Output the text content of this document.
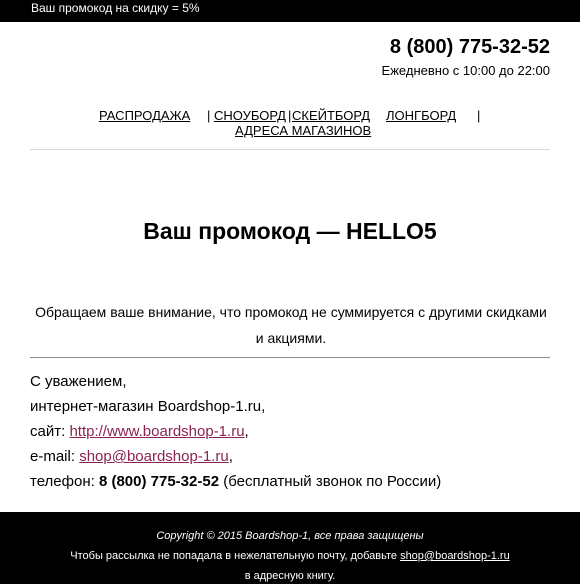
Ваш промокод на скидку = 5%
8 (800) 775-32-52
Ежедневно с 10:00 до 22:00
РАСПРОДАЖА | СНОУБОРД | СКЕЙТБОРД ЛОНГБОРД |
АДРЕСА МАГАЗИНОВ
Ваш промокод — HELLO5
Обращаем ваше внимание, что промокод не суммируется с другими скидками и акциями.
С уважением,
интернет-магазин Boardshop-1.ru,
сайт: http://www.boardshop-1.ru,
e-mail: shop@boardshop-1.ru,
телефон: 8 (800) 775-32-52 (бесплатный звонок по России)
Copyright © 2015 Boardshop-1, все права защищены
Чтобы рассылка не попадала в нежелательную почту, добавьте shop@boardshop-1.ru
в адресную книгу.
